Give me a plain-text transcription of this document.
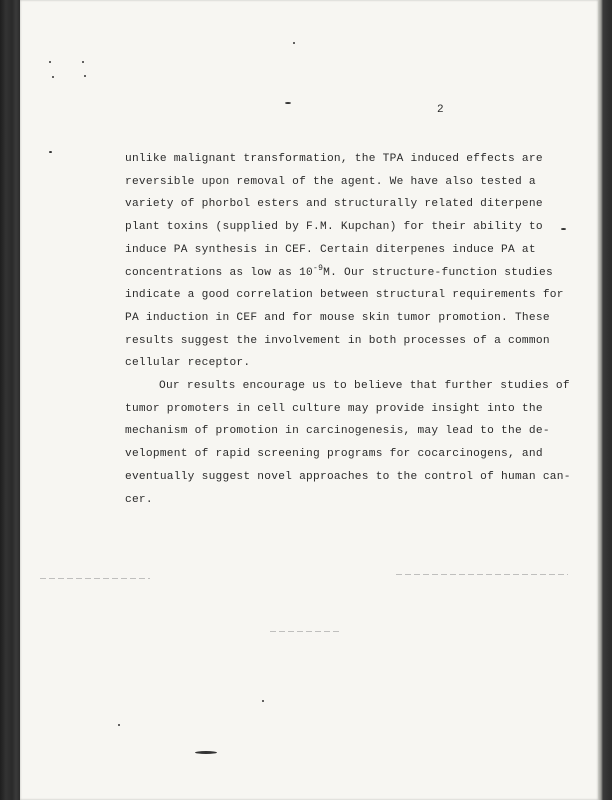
2

unlike malignant transformation, the TPA induced effects are

reversible upon removal of the agent. We have also tested a

variety of phorbol esters and structurally related diterpene

plant toxins (supplied by F.M. Kupchan) for their ability to

induce PA synthesis in CEF. Certain diterpenes induce PA at

concentrations as low as $10^{-9}M$. Our structure-function studies

indicate a good correlation between structural requirements for

PA induction in CEF and for mouse skin tumor promotion. These

results suggest the involvement in both processes of a common

cellular receptor.

Our results encourage us to believe that further studies of

tumor promoters in cell culture may provide insight into the

mechanism of promotion in carcinogenesis, may lead to the de-

velopment of rapid screening programs for cocarcinogens, and

eventually suggest novel approaches to the control of human can-

cer.
